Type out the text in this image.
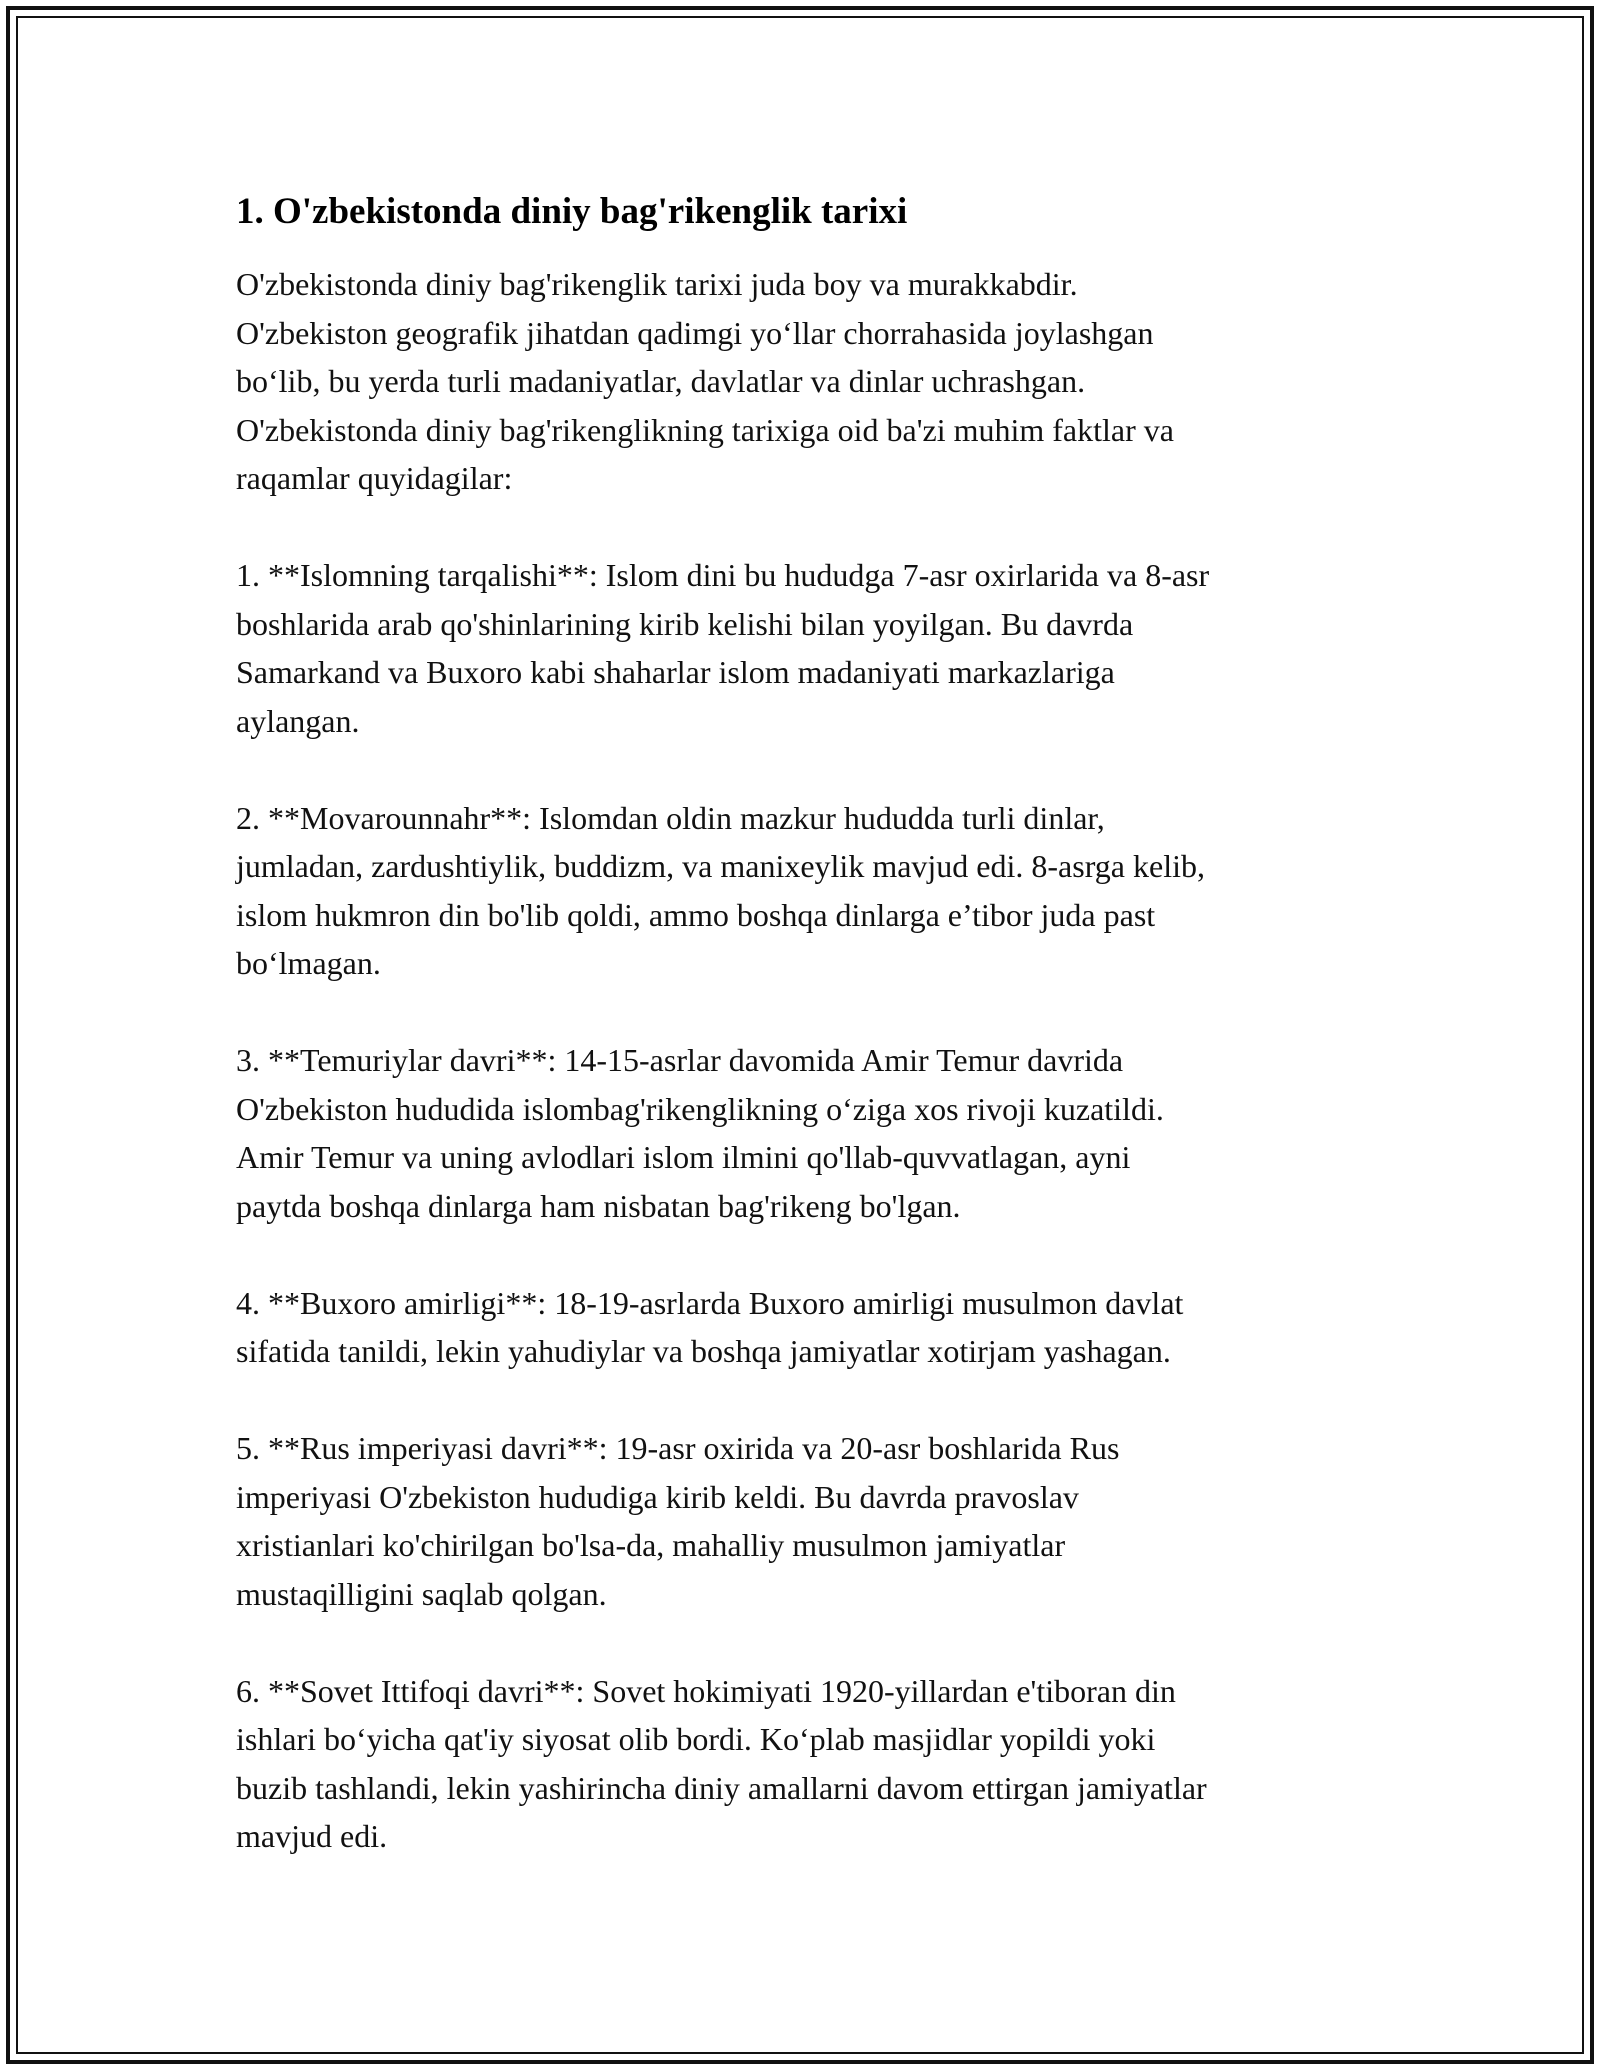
1. O'zbekistonda diniy bag'rikenglik tarixi

O'zbekistonda diniy bag'rikenglik tarixi juda boy va murakkabdir.
O'zbekiston geografik jihatdan qadimgi yo‘llar chorrahasida joylashgan
bo‘lib, bu yerda turli madaniyatlar, davlatlar va dinlar uchrashgan.
O'zbekistonda diniy bag'rikenglikning tarixiga oid ba'zi muhim faktlar va
raqamlar quyidagilar:

1. **Islomning tarqalishi**: Islom dini bu hududga 7-asr oxirlarida va 8-asr
boshlarida arab qo'shinlarining kirib kelishi bilan yoyilgan. Bu davrda
Samarkand va Buxoro kabi shaharlar islom madaniyati markazlariga
aylangan.

2. **Movarounnahr**: Islomdan oldin mazkur hududda turli dinlar,
jumladan, zardushtiylik, buddizm, va manixeylik mavjud edi. 8-asrga kelib,
islom hukmron din bo'lib qoldi, ammo boshqa dinlarga e’tibor juda past
bo‘lmagan.

3. **Temuriylar davri**: 14-15-asrlar davomida Amir Temur davrida
O'zbekiston hududida islombag'rikenglikning o‘ziga xos rivoji kuzatildi.
Amir Temur va uning avlodlari islom ilmini qo'llab-quvvatlagan, ayni
paytda boshqa dinlarga ham nisbatan bag'rikeng bo'lgan.

4. **Buxoro amirligi**: 18-19-asrlarda Buxoro amirligi musulmon davlat
sifatida tanildi, lekin yahudiylar va boshqa jamiyatlar xotirjam yashagan.

5. **Rus imperiyasi davri**: 19-asr oxirida va 20-asr boshlarida Rus
imperiyasi O'zbekiston hududiga kirib keldi. Bu davrda pravoslav
xristianlari ko'chirilgan bo'lsa-da, mahalliy musulmon jamiyatlar
mustaqilligini saqlab qolgan.

6. **Sovet Ittifoqi davri**: Sovet hokimiyati 1920-yillardan e'tiboran din
ishlari bo‘yicha qat'iy siyosat olib bordi. Ko‘plab masjidlar yopildi yoki
buzib tashlandi, lekin yashirincha diniy amallarni davom ettirgan jamiyatlar
mavjud edi.
